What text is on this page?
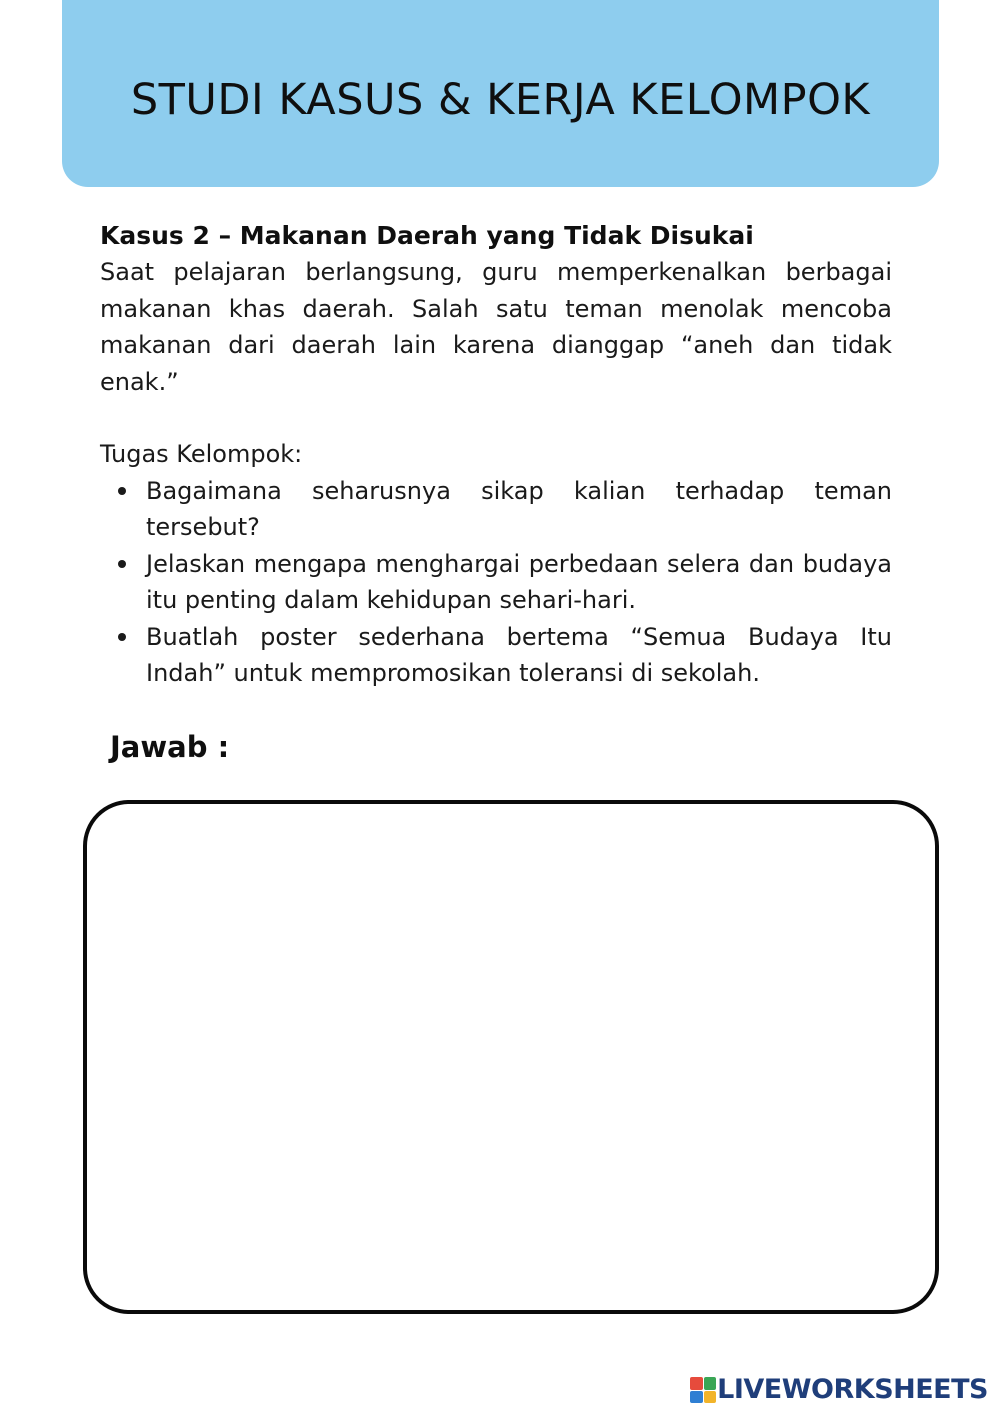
STUDI KASUS & KERJA KELOMPOK

Kasus 2 – Makanan Daerah yang Tidak Disukai

Saat pelajaran berlangsung, guru memperkenalkan berbagai makanan khas daerah. Salah satu teman menolak mencoba makanan dari daerah lain karena dianggap “aneh dan tidak enak.”

Tugas Kelompok:

Bagaimana seharusnya sikap kalian terhadap teman tersebut?
Jelaskan mengapa menghargai perbedaan selera dan budaya itu penting dalam kehidupan sehari-hari.
Buatlah poster sederhana bertema “Semua Budaya Itu Indah” untuk mempromosikan toleransi di sekolah.

Jawab :

LIVEWORKSHEETS
